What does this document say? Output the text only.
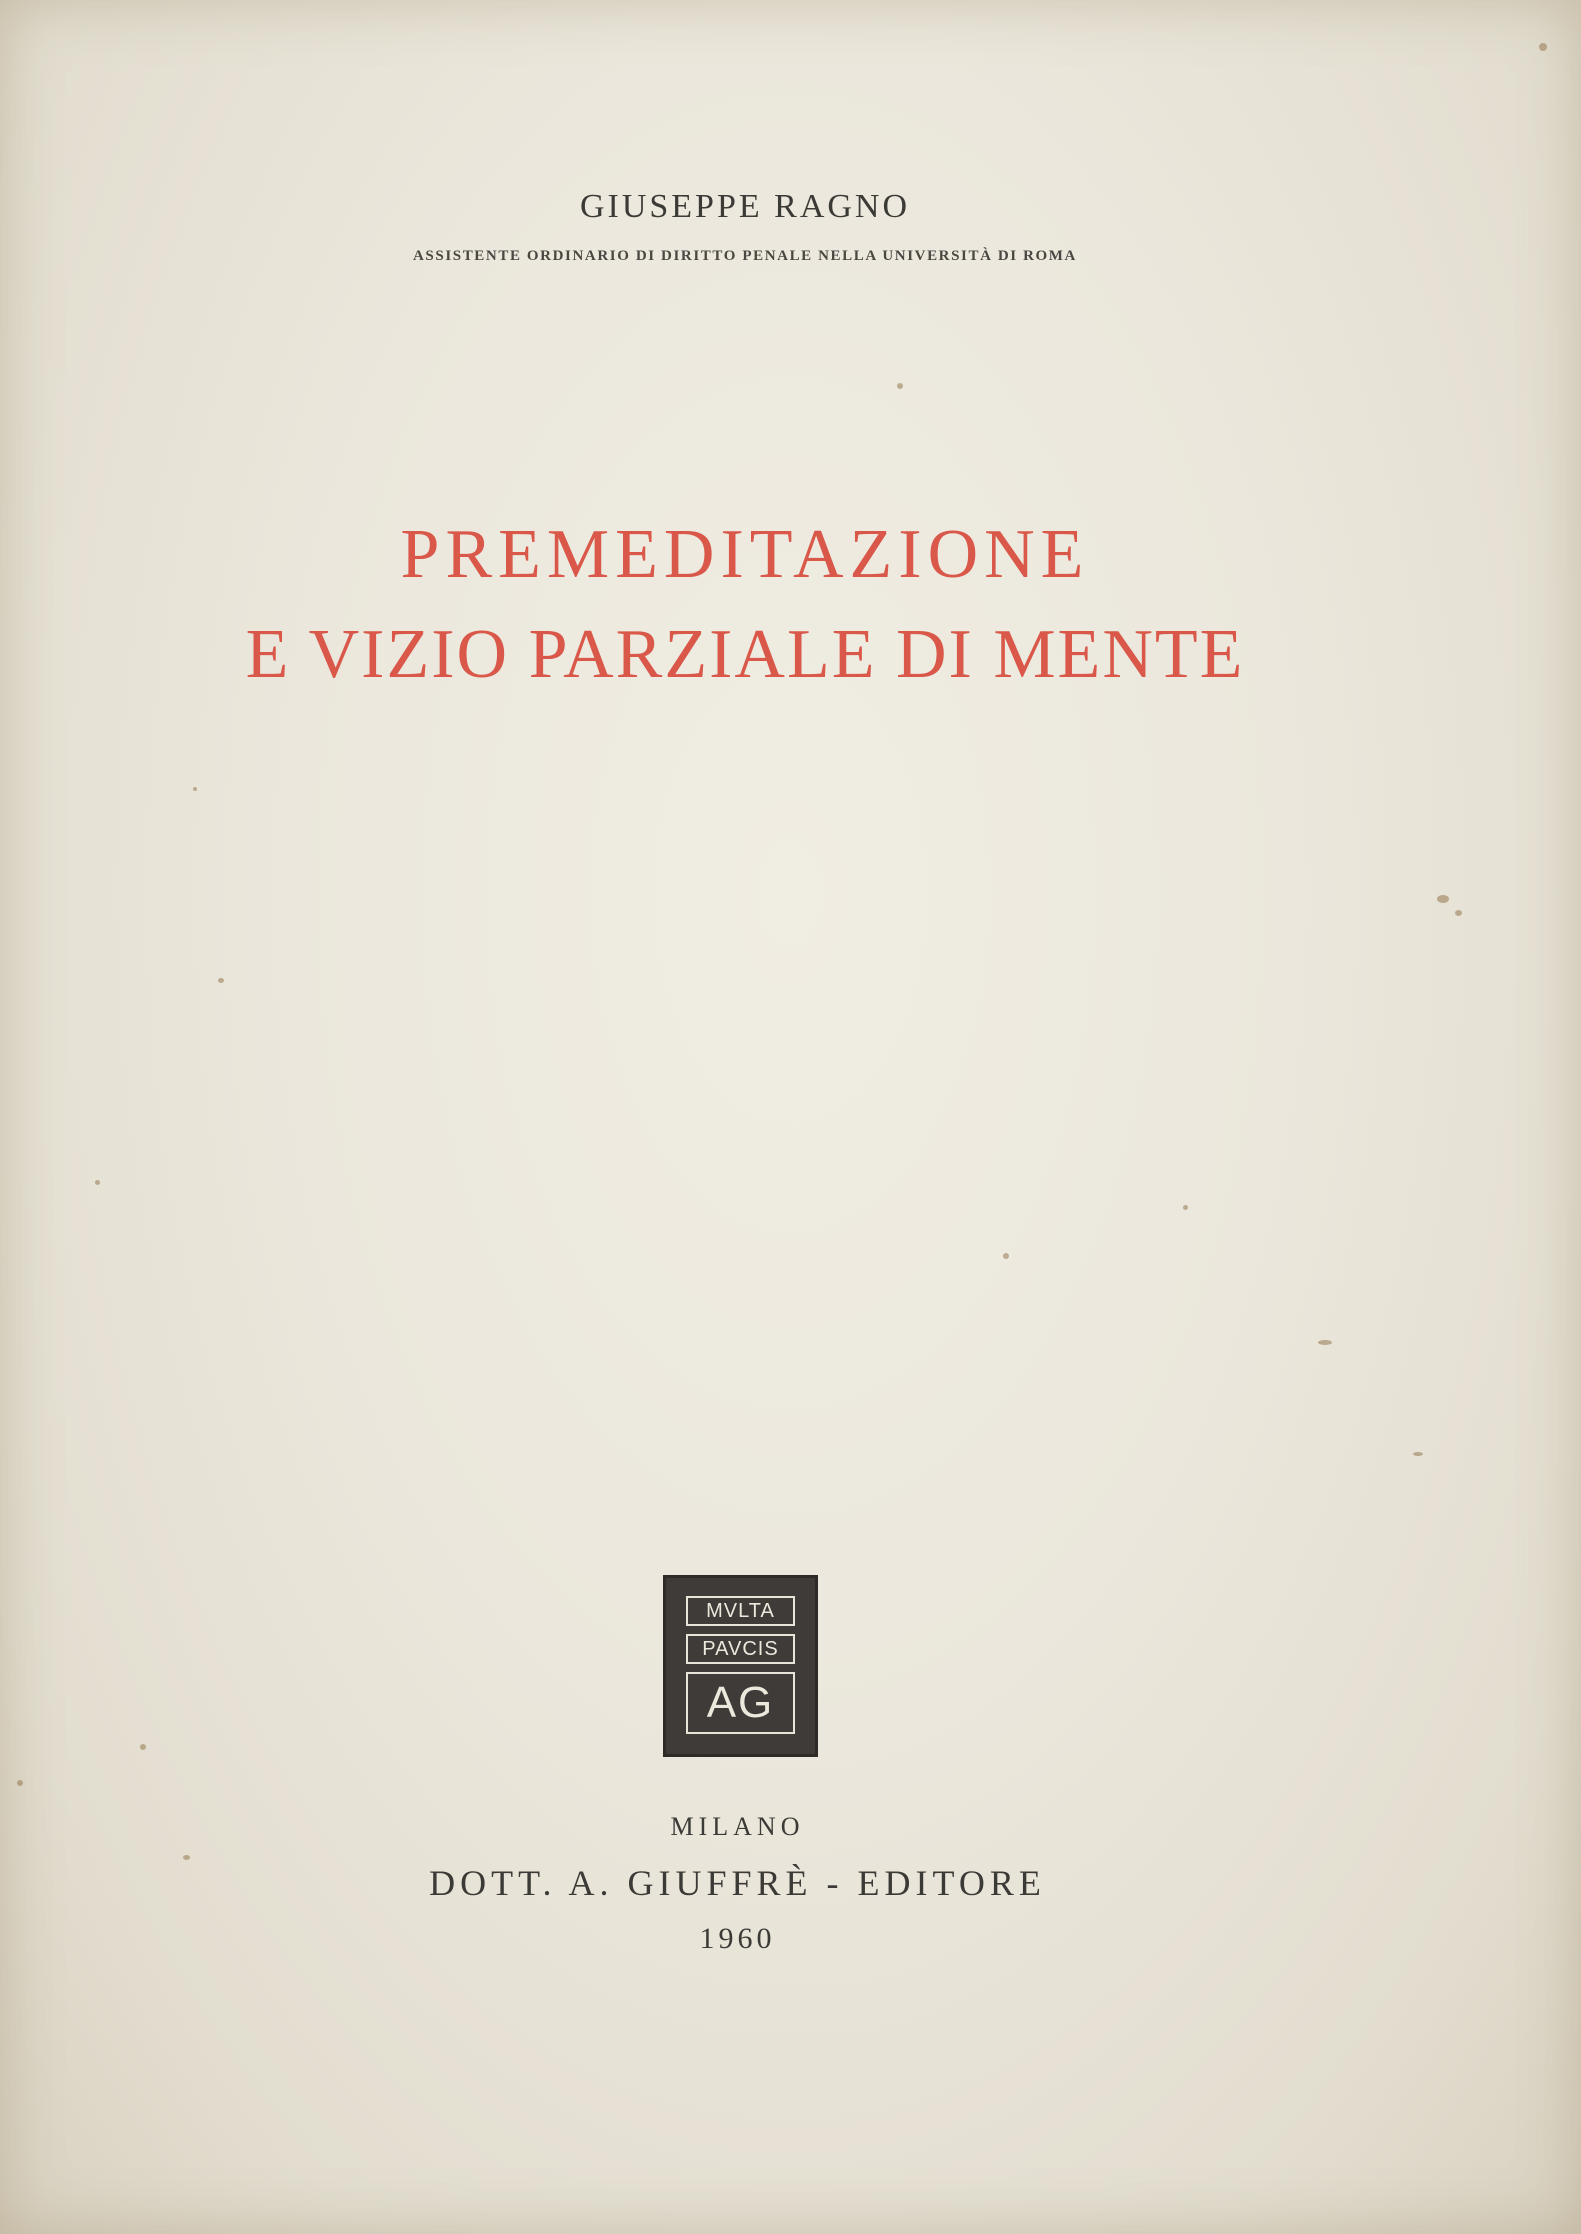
GIUSEPPE RAGNO
ASSISTENTE ORDINARIO DI DIRITTO PENALE NELLA UNIVERSITÀ DI ROMA
PREMEDITAZIONE
E VIZIO PARZIALE DI MENTE
MVLTA
PAVCIS
AG
MILANO
DOTT. A. GIUFFRÈ - EDITORE
1960
